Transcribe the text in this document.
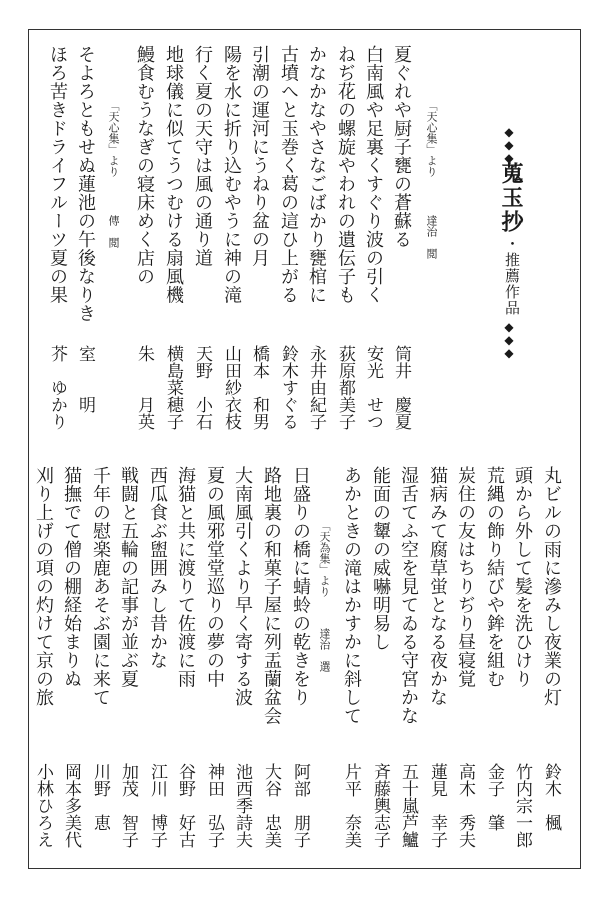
◆◆◆
蒐玉抄
・
推薦作品
◆◆◆
「天心集」より
達治　閲
夏ぐれや厨子甕の蒼蘇る
白南風や足裏くすぐり波の引く
ねぢ花の螺旋やわれの遺伝子も
かなかなやさなごばかり甕棺に
古墳へと玉巻く葛の這ひ上がる
引潮の運河にうねり盆の月
陽を水に折り込むやうに神の滝
行く夏の天守は風の通り道
地球儀に似てうつむける扇風機
鰻食むうなぎの寝床めく店の
「天心集」より
傳　閲
そよろともせぬ蓮池の午後なりき
ほろ苦きドライフルーツ夏の果
筒井　慶夏
安光　せつ
荻原都美子
永井由紀子
鈴木すぐる
橋本　和男
山田紗衣枝
天野　小石
横島菜穂子
朱　　月英
室　　明
芥　ゆかり
丸ビルの雨に滲みし夜業の灯
頭から外して髪を洗ひけり
荒縄の飾り結びや鉾を組む
炭住の友はちりぢり昼寝覚
猫病みて腐草蛍となる夜かな
湿舌てふ空を見てゐる守宮かな
能面の顰の威嚇明易し
あかときの滝はかすかに斜して
「天為集」より
達治　選
日盛りの橋に蜻蛉の乾きをり
路地裏の和菓子屋に列盂蘭盆会
大南風引くより早く寄する波
夏の風邪堂堂巡りの夢の中
海猫と共に渡りて佐渡に雨
西瓜食ぶ盥囲みし昔かな
戦闘と五輪の記事が並ぶ夏
千年の慰楽鹿あそぶ園に来て
猫撫でて僧の棚経始まりぬ
刈り上げの項の灼けて京の旅
鈴木　楓
竹内宗一郎
金子　肇
高木　秀夫
蓮見　幸子
五十嵐芦鱸
斉藤輿志子
片平　奈美
阿部　朋子
大谷　忠美
池西季詩夫
神田　弘子
谷野　好古
江川　博子
加茂　智子
川野　恵
岡本多美代
小林ひろえ
